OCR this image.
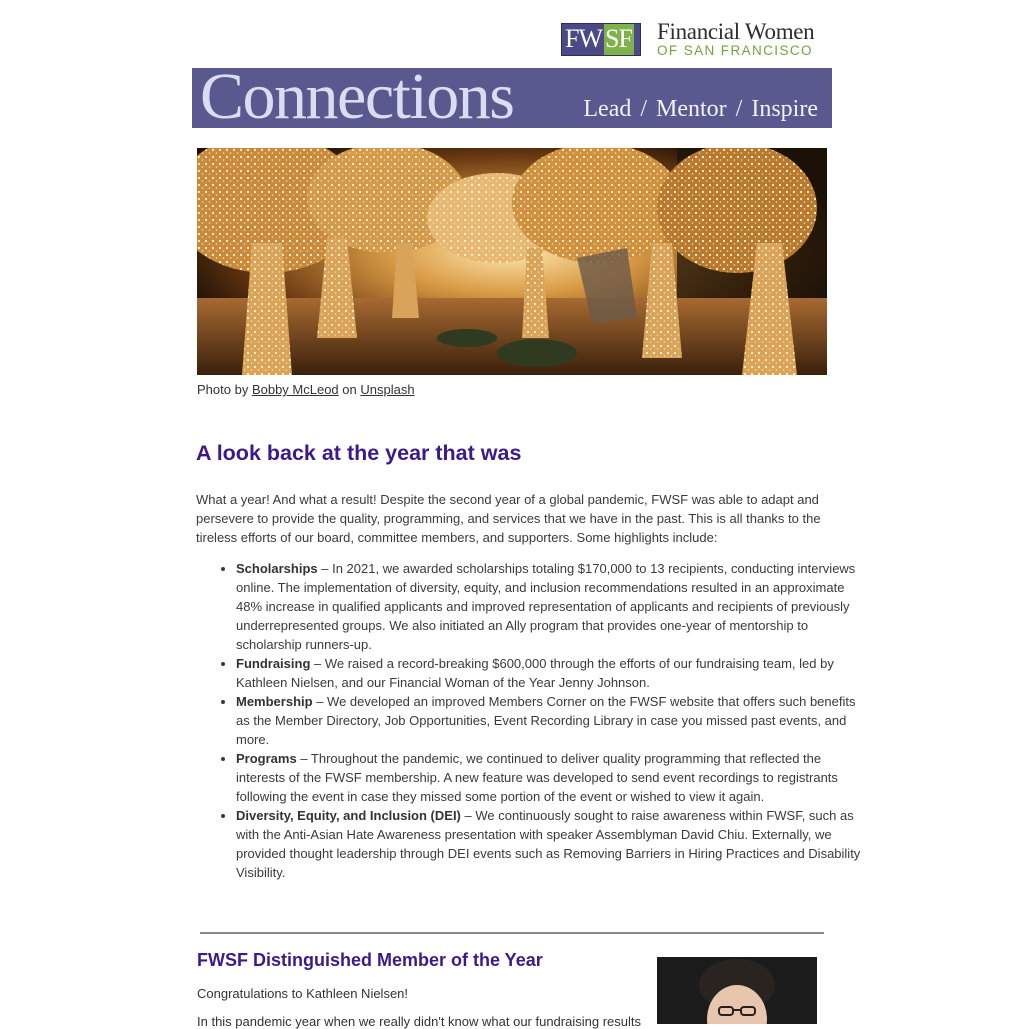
FW SF Financial Women
OF SAN FRANCISCO
Connections	Lead / Mentor / Inspire
Photo by Bobby McLeod on Unsplash
A look back at the year that was

What a year! And what a result! Despite the second year of a global pandemic, FWSF was able to adapt and persevere to provide the quality, programming, and services that we have in the past. This is all thanks to the tireless efforts of our board, committee members, and supporters. Some highlights include:

• Scholarships – In 2021, we awarded scholarships totaling $170,000 to 13 recipients, conducting interviews online. The implementation of diversity, equity, and inclusion recommendations resulted in an approximate 48% increase in qualified applicants and improved representation of applicants and recipients of previously underrepresented groups. We also initiated an Ally program that provides one-year of mentorship to scholarship runners-up.
• Fundraising – We raised a record-breaking $600,000 through the efforts of our fundraising team, led by Kathleen Nielsen, and our Financial Woman of the Year Jenny Johnson.
• Membership – We developed an improved Members Corner on the FWSF website that offers such benefits as the Member Directory, Job Opportunities, Event Recording Library in case you missed past events, and more.
• Programs – Throughout the pandemic, we continued to deliver quality programming that reflected the interests of the FWSF membership. A new feature was developed to send event recordings to registrants following the event in case they missed some portion of the event or wished to view it again.
• Diversity, Equity, and Inclusion (DEI) – We continuously sought to raise awareness within FWSF, such as with the Anti-Asian Hate Awareness presentation with speaker Assemblyman David Chiu. Externally, we provided thought leadership through DEI events such as Removing Barriers in Hiring Practices and Disability Visibility.
FWSF Distinguished Member of the Year
Congratulations to Kathleen Nielsen!
In this pandemic year when we really didn't know what our fundraising results
